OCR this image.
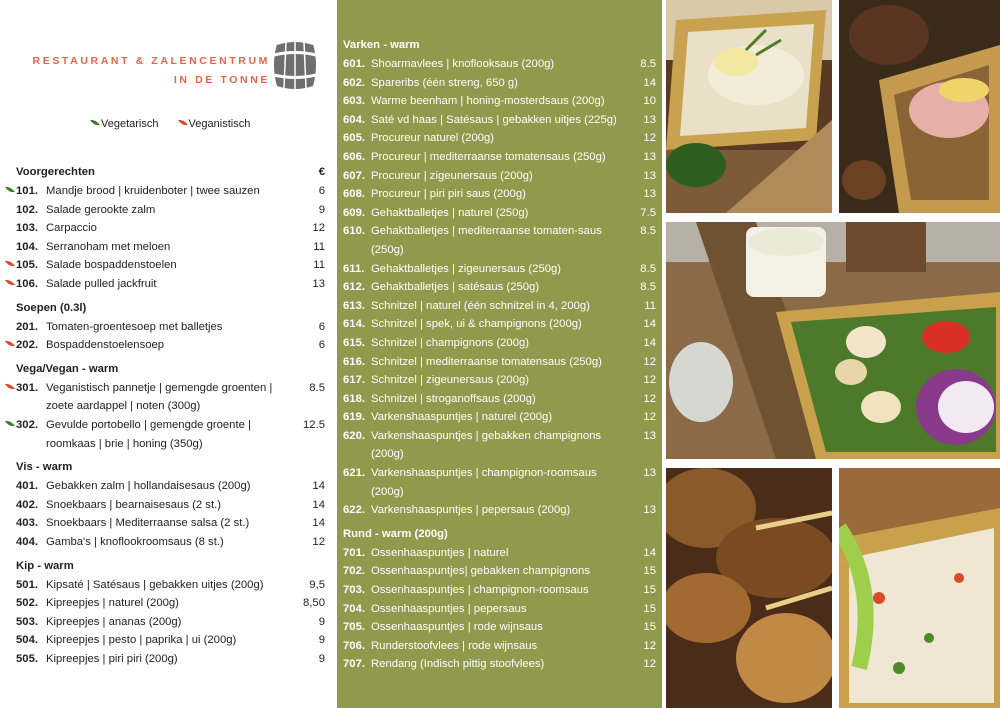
RESTAURANT & ZALENCENTRUM
IN DE TONNE
Vegetarisch	Veganistisch
Voorgerechten	€
101. Mandje brood | kruidenboter | twee sauzen	6
102. Salade gerookte zalm	9
103. Carpaccio	12
104. Serranoham met meloen	11
105. Salade bospaddenstoelen	11
106. Salade pulled jackfruit	13
Soepen (0.3l)
201. Tomaten-groentesoep met balletjes	6
202. Bospaddenstoelensoep	6
Vega/Vegan - warm
301. Veganistisch pannetje | gemengde groenten | zoete aardappel | noten (300g)
8.5
302. Gevulde portobello | gemengde groente | roomkaas | brie | honing (350g)
12.5
Vis - warm
401. Gebakken zalm | hollandaisesaus (200g)	14
402. Snoekbaars | bearnaisesaus (2 st.)	14
403. Snoekbaars | Mediterraanse salsa (2 st.)	14
404. Gamba's | knoflookroomsaus (8 st.)	12
Kip - warm
501. Kipsaté | Satésaus | gebakken uitjes (200g)	9,5
502. Kipreepjes | naturel (200g)	8,50
503. Kipreepjes | ananas (200g)	9
504. Kipreepjes | pesto | paprika | ui (200g)	9
505. Kipreepjes | piri piri (200g)	9
Varken - warm
601. Shoarmavlees | knoflooksaus (200g)	8.5
602. Spareribs (één streng, 650 g)	14
603. Warme beenham | honing-mosterdsaus (200g)	10
604. Saté vd haas | Satésaus | gebakken uitjes (225g)	13
605. Procureur naturel (200g)	12
606. Procureur | mediterraanse tomatensaus (250g)	13
607. Procureur | zigeunersaus (200g)	13
608. Procureur | piri piri saus (200g)	13
609. Gehaktballetjes | naturel (250g)	7.5
610. Gehaktballetjes | mediterraanse tomaten-saus (250g)
8.5
611. Gehaktballetjes | zigeunersaus (250g)	8.5
612. Gehaktballetjes | satésaus (250g)	8.5
613. Schnitzel | naturel (één schnitzel in 4, 200g)	11
614. Schnitzel | spek, ui & champignons (200g)	14
615. Schnitzel | champignons (200g)	14
616. Schnitzel | mediterraanse tomatensaus (250g)	12
617. Schnitzel | zigeunersaus (200g)	12
618. Schnitzel | stroganoffsaus (200g)	12
619. Varkenshaaspuntjes | naturel (200g)	12
620. Varkenshaaspuntjes | gebakken champignons (200g)
13
621. Varkenshaaspuntjes | champignon-roomsaus (200g)
13
622. Varkenshaaspuntjes | pepersaus (200g)	13
Rund - warm (200g)
701. Ossenhaaspuntjes | naturel	14
702. Ossenhaaspuntjes| gebakken champignons	15
703. Ossenhaaspuntjes | champignon-roomsaus	15
704. Ossenhaaspuntjes | pepersaus	15
705. Ossenhaaspuntjes | rode wijnsaus	15
706. Runderstoofvlees | rode wijnsaus	12
707. Rendang (Indisch pittig stoofvlees)	12
